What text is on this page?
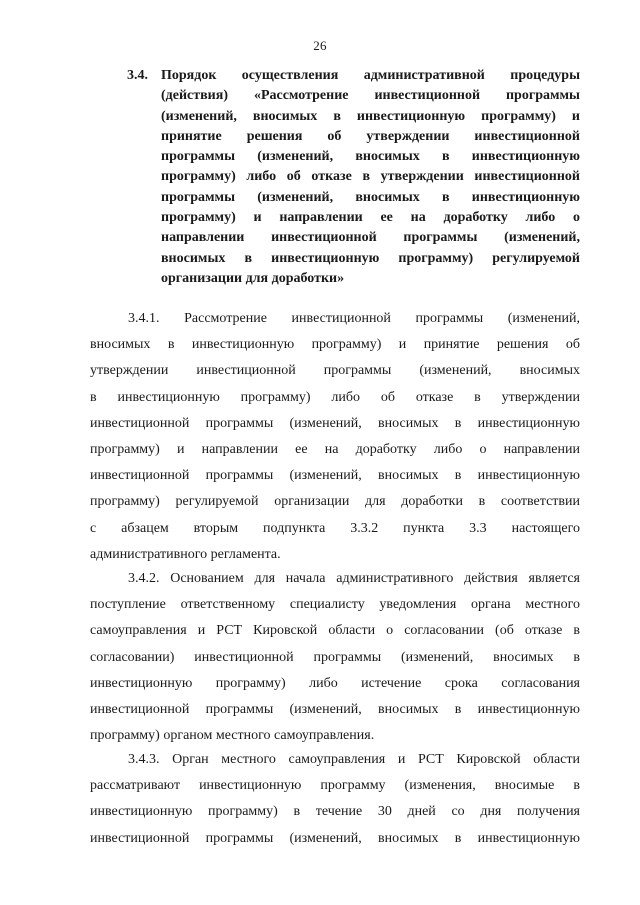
26
3.4. Порядок осуществления административной процедуры
(действия) «Рассмотрение инвестиционной программы
(изменений, вносимых в инвестиционную программу) и
принятие решения об утверждении инвестиционной
программы (изменений, вносимых в инвестиционную
программу) либо об отказе в утверждении инвестиционной
программы (изменений, вносимых в инвестиционную
программу) и направлении ее на доработку либо о
направлении инвестиционной программы (изменений,
вносимых в инвестиционную программу) регулируемой
организации для доработки»
3.4.1. Рассмотрение инвестиционной программы (изменений,
вносимых в инвестиционную программу) и принятие решения об
утверждении инвестиционной программы (изменений, вносимых
в инвестиционную программу) либо об отказе в утверждении
инвестиционной программы (изменений, вносимых в инвестиционную
программу) и направлении ее на доработку либо о направлении
инвестиционной программы (изменений, вносимых в инвестиционную
программу) регулируемой организации для доработки в соответствии
с абзацем вторым подпункта 3.3.2 пункта 3.3 настоящего
административного регламента.
3.4.2. Основанием для начала административного действия является
поступление ответственному специалисту уведомления органа местного
самоуправления и РСТ Кировской области о согласовании (об отказе в
согласовании) инвестиционной программы (изменений, вносимых в
инвестиционную программу) либо истечение срока согласования
инвестиционной программы (изменений, вносимых в инвестиционную
программу) органом местного самоуправления.
3.4.3. Орган местного самоуправления и РСТ Кировской области
рассматривают инвестиционную программу (изменения, вносимые в
инвестиционную программу) в течение 30 дней со дня получения
инвестиционной программы (изменений, вносимых в инвестиционную
